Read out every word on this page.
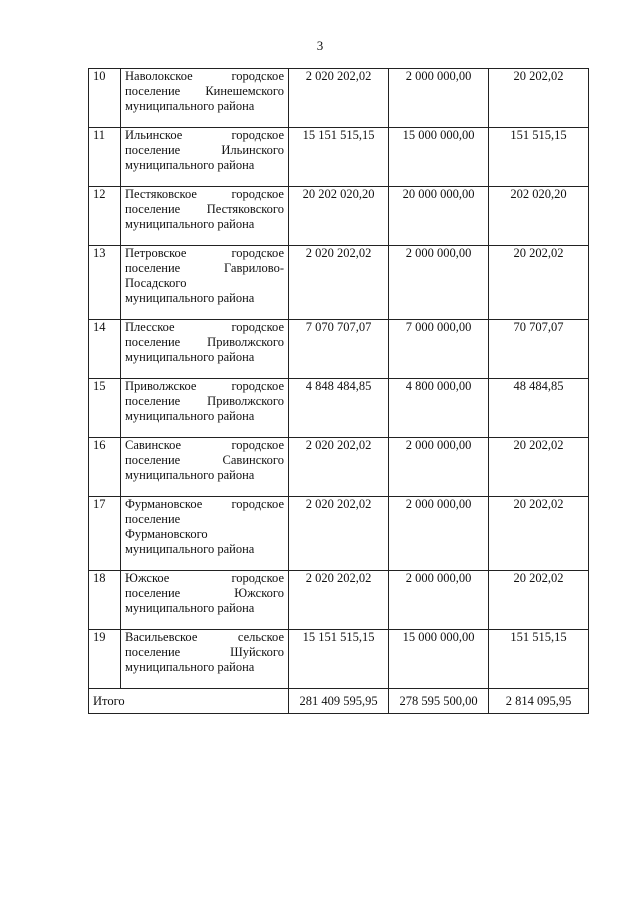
3
10	Наволокское городское
поселение Кинешемского
муниципального района	2 020 202,02	2 000 000,00	20 202,02
11	Ильинское городское
поселение Ильинского
муниципального района	15 151 515,15	15 000 000,00	151 515,15
12	Пестяковское городское
поселение Пестяковского
муниципального района	20 202 020,20	20 000 000,00	202 020,20
13	Петровское городское
поселение Гаврилово-
Посадского
муниципального района	2 020 202,02	2 000 000,00	20 202,02
14	Плесское городское
поселение Приволжского
муниципального района	7 070 707,07	7 000 000,00	70 707,07
15	Приволжское городское
поселение Приволжского
муниципального района	4 848 484,85	4 800 000,00	48 484,85
16	Савинское городское
поселение Савинского
муниципального района	2 020 202,02	2 000 000,00	20 202,02
17	Фурмановское городское
поселение
Фурмановского
муниципального района	2 020 202,02	2 000 000,00	20 202,02
18	Южское городское
поселение Южского
муниципального района	2 020 202,02	2 000 000,00	20 202,02
19	Васильевское сельское
поселение Шуйского
муниципального района	15 151 515,15	15 000 000,00	151 515,15
Итого		281 409 595,95	278 595 500,00	2 814 095,95
